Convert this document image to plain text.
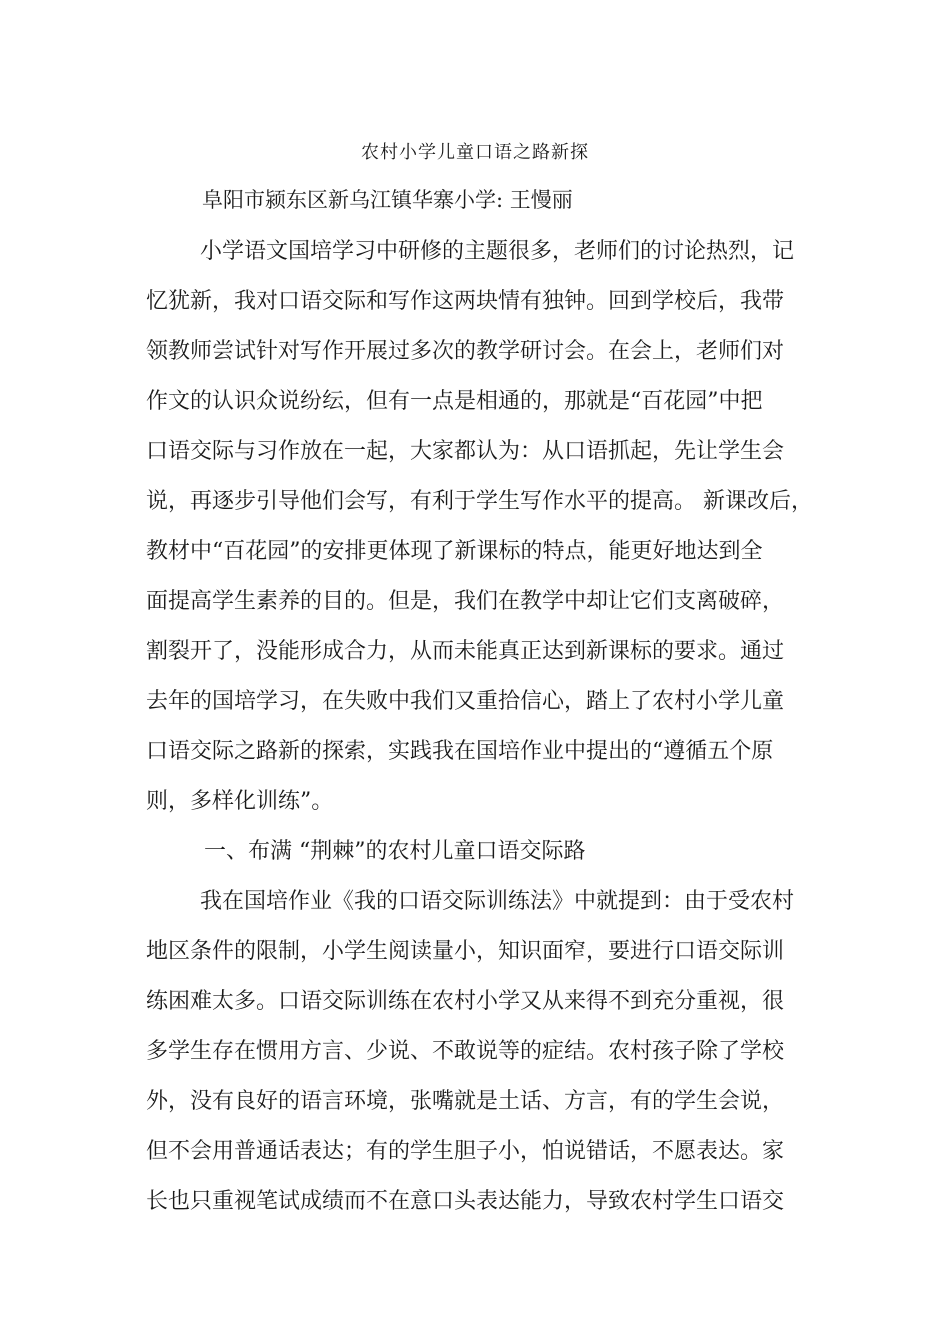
农村小学儿童口语之路新探
阜阳市颍东区新乌江镇华寨小学: 王慢丽
小学语文国培学习中研修的主题很多，老师们的讨论热烈，记
忆犹新，我对口语交际和写作这两块情有独钟。回到学校后，我带
领教师尝试针对写作开展过多次的教学研讨会。在会上，老师们对
作文的认识众说纷纭，但有一点是相通的，那就是“百花园”中把
口语交际与习作放在一起，大家都认为：从口语抓起，先让学生会
说，再逐步引导他们会写，有利于学生写作水平的提高。 新课改后，
教材中“百花园”的安排更体现了新课标的特点，能更好地达到全
面提高学生素养的目的。但是，我们在教学中却让它们支离破碎，
割裂开了，没能形成合力，从而未能真正达到新课标的要求。通过
去年的国培学习，在失败中我们又重拾信心，踏上了农村小学儿童
口语交际之路新的探索，实践我在国培作业中提出的“遵循五个原
则，多样化训练”。
一、布满 “荆棘”的农村儿童口语交际路
我在国培作业《我的口语交际训练法》中就提到：由于受农村
地区条件的限制，小学生阅读量小，知识面窄，要进行口语交际训
练困难太多。口语交际训练在农村小学又从来得不到充分重视，很
多学生存在惯用方言、少说、不敢说等的症结。农村孩子除了学校
外，没有良好的语言环境，张嘴就是土话、方言，有的学生会说，
但不会用普通话表达；有的学生胆子小，怕说错话，不愿表达。家
长也只重视笔试成绩而不在意口头表达能力，导致农村学生口语交
